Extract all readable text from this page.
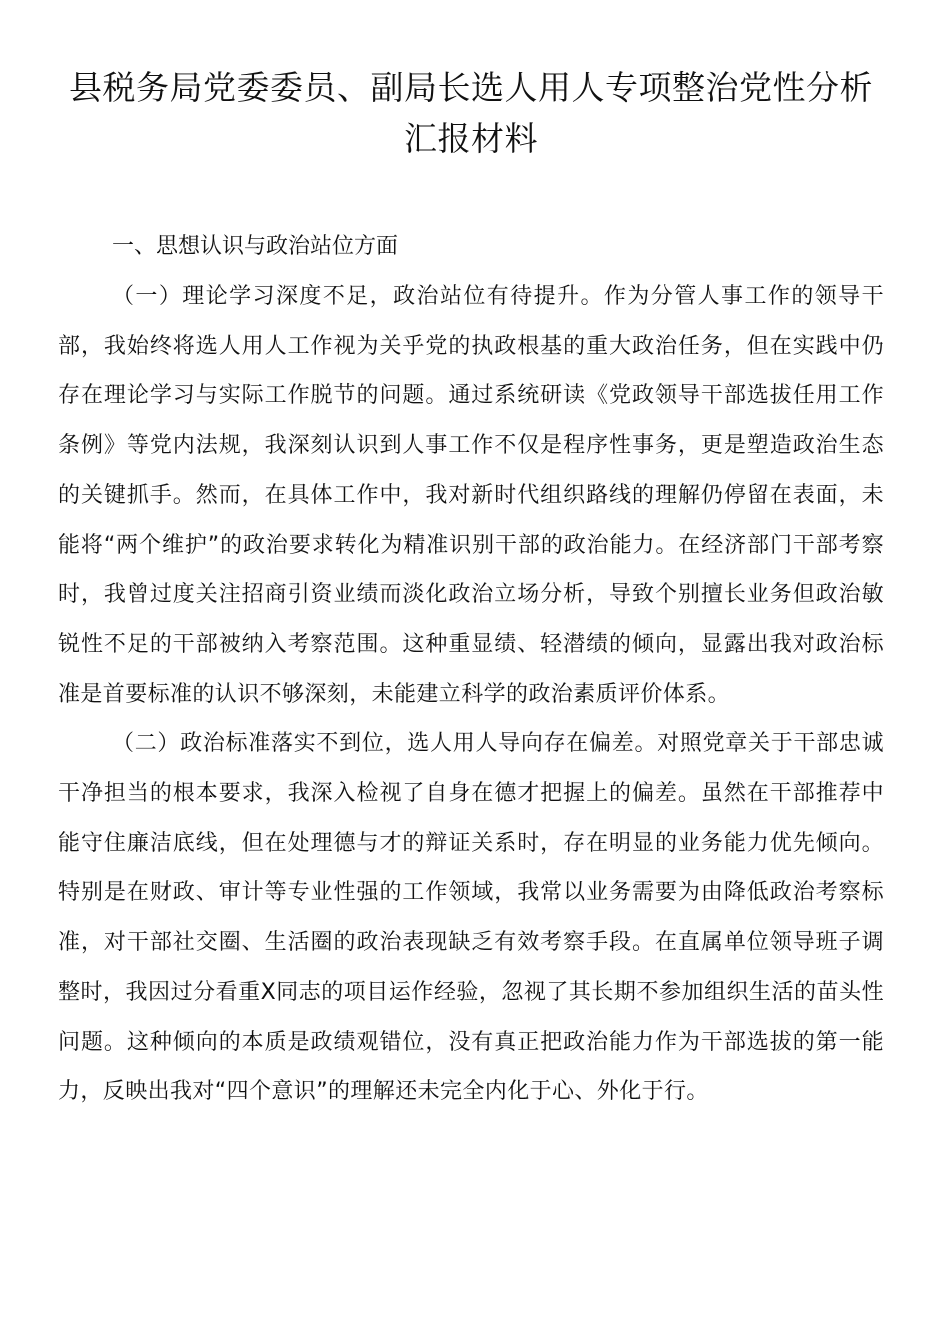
县税务局党委委员、副局长选人用人专项整治党性分析汇报材料
一、思想认识与政治站位方面

（一）理论学习深度不足，政治站位有待提升。作为分管人事工作的领导干部，我始终将选人用人工作视为关乎党的执政根基的重大政治任务，但在实践中仍存在理论学习与实际工作脱节的问题。通过系统研读《党政领导干部选拔任用工作条例》等党内法规，我深刻认识到人事工作不仅是程序性事务，更是塑造政治生态的关键抓手。然而，在具体工作中，我对新时代组织路线的理解仍停留在表面，未能将“两个维护”的政治要求转化为精准识别干部的政治能力。在经济部门干部考察时，我曾过度关注招商引资业绩而淡化政治立场分析，导致个别擅长业务但政治敏锐性不足的干部被纳入考察范围。这种重显绩、轻潜绩的倾向，显露出我对政治标准是首要标准的认识不够深刻，未能建立科学的政治素质评价体系。

（二）政治标准落实不到位，选人用人导向存在偏差。对照党章关于干部忠诚干净担当的根本要求，我深入检视了自身在德才把握上的偏差。虽然在干部推荐中能守住廉洁底线，但在处理德与才的辩证关系时，存在明显的业务能力优先倾向。特别是在财政、审计等专业性强的工作领域，我常以业务需要为由降低政治考察标准，对干部社交圈、生活圈的政治表现缺乏有效考察手段。在直属单位领导班子调整时，我因过分看重X同志的项目运作经验，忽视了其长期不参加组织生活的苗头性问题。这种倾向的本质是政绩观错位，没有真正把政治能力作为干部选拔的第一能力，反映出我对“四个意识”的理解还未完全内化于心、外化于行。
